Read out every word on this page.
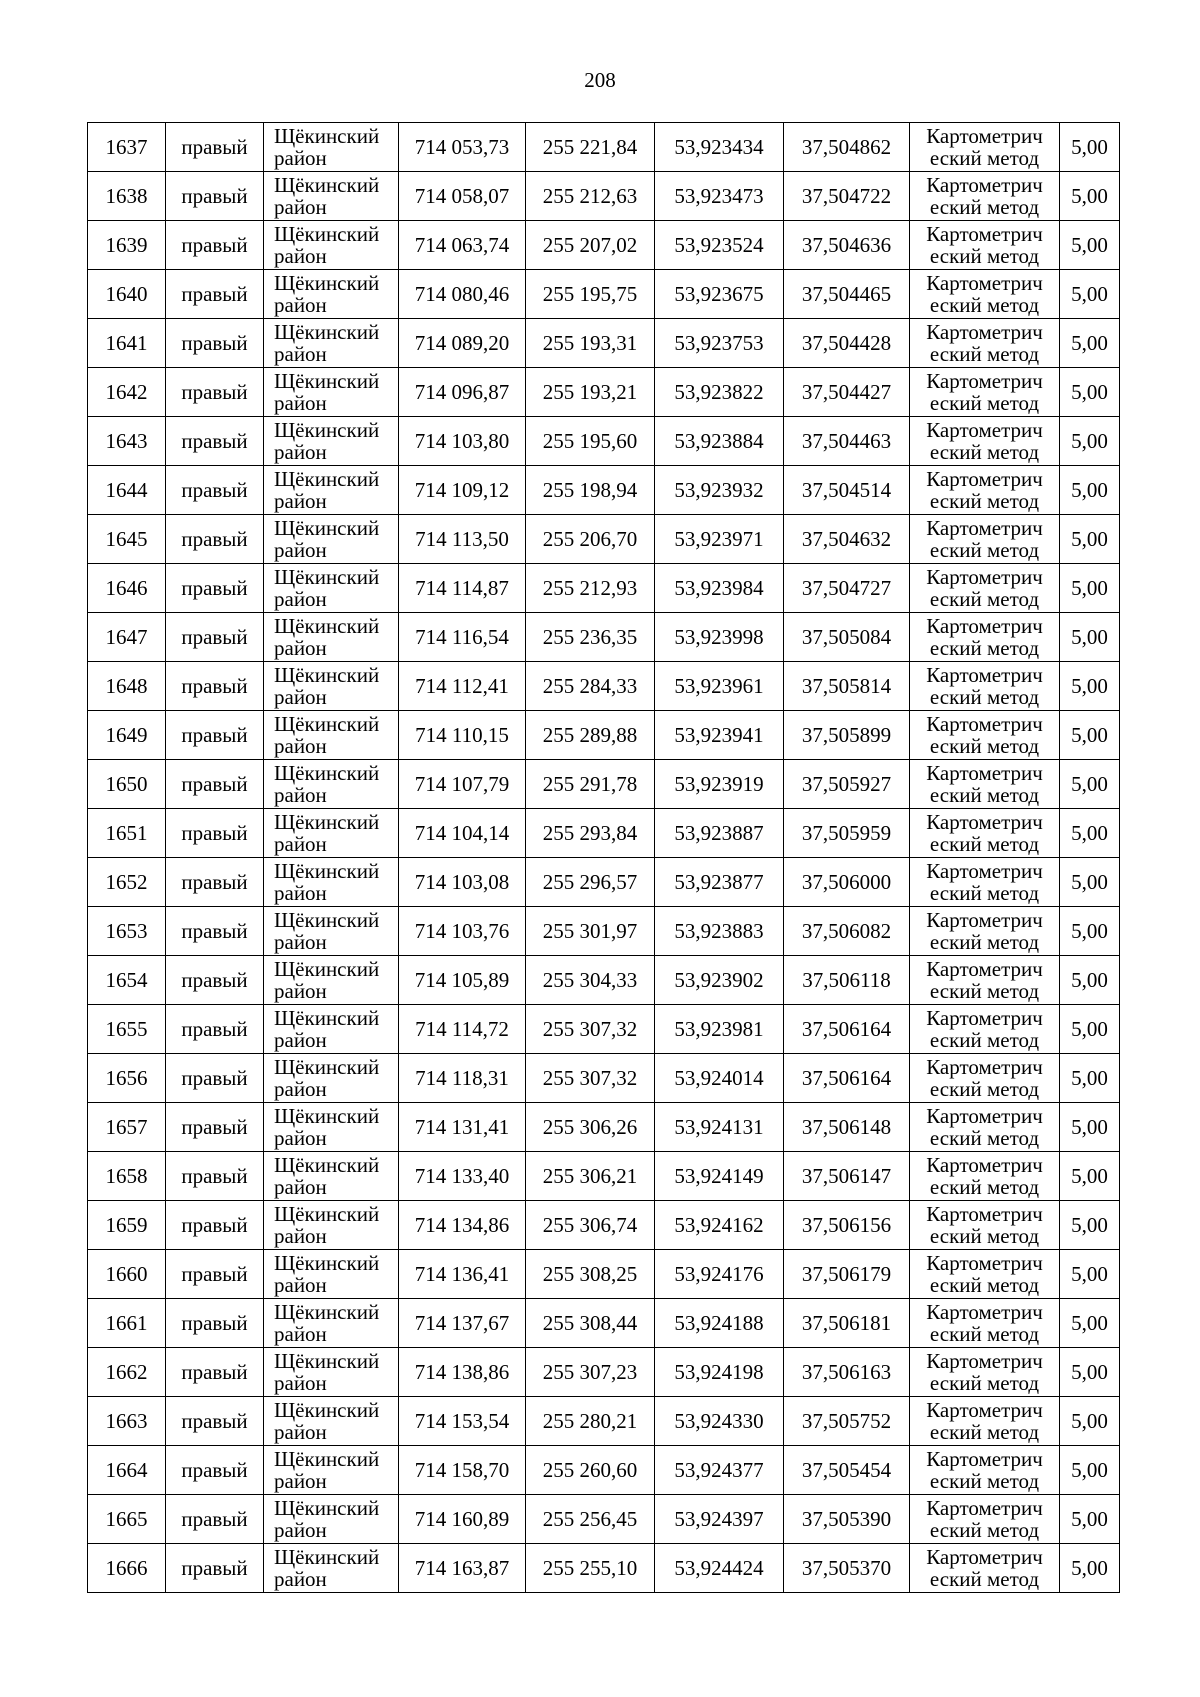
208
1637	правый	Щёкинский район	714 053,73	255 221,84	53,923434	37,504862	Картометрич еский метод	5,00
1638	правый	Щёкинский район	714 058,07	255 212,63	53,923473	37,504722	Картометрич еский метод	5,00
1639	правый	Щёкинский район	714 063,74	255 207,02	53,923524	37,504636	Картометрич еский метод	5,00
1640	правый	Щёкинский район	714 080,46	255 195,75	53,923675	37,504465	Картометрич еский метод	5,00
1641	правый	Щёкинский район	714 089,20	255 193,31	53,923753	37,504428	Картометрич еский метод	5,00
1642	правый	Щёкинский район	714 096,87	255 193,21	53,923822	37,504427	Картометрич еский метод	5,00
1643	правый	Щёкинский район	714 103,80	255 195,60	53,923884	37,504463	Картометрич еский метод	5,00
1644	правый	Щёкинский район	714 109,12	255 198,94	53,923932	37,504514	Картометрич еский метод	5,00
1645	правый	Щёкинский район	714 113,50	255 206,70	53,923971	37,504632	Картометрич еский метод	5,00
1646	правый	Щёкинский район	714 114,87	255 212,93	53,923984	37,504727	Картометрич еский метод	5,00
1647	правый	Щёкинский район	714 116,54	255 236,35	53,923998	37,505084	Картометрич еский метод	5,00
1648	правый	Щёкинский район	714 112,41	255 284,33	53,923961	37,505814	Картометрич еский метод	5,00
1649	правый	Щёкинский район	714 110,15	255 289,88	53,923941	37,505899	Картометрич еский метод	5,00
1650	правый	Щёкинский район	714 107,79	255 291,78	53,923919	37,505927	Картометрич еский метод	5,00
1651	правый	Щёкинский район	714 104,14	255 293,84	53,923887	37,505959	Картометрич еский метод	5,00
1652	правый	Щёкинский район	714 103,08	255 296,57	53,923877	37,506000	Картометрич еский метод	5,00
1653	правый	Щёкинский район	714 103,76	255 301,97	53,923883	37,506082	Картометрич еский метод	5,00
1654	правый	Щёкинский район	714 105,89	255 304,33	53,923902	37,506118	Картометрич еский метод	5,00
1655	правый	Щёкинский район	714 114,72	255 307,32	53,923981	37,506164	Картометрич еский метод	5,00
1656	правый	Щёкинский район	714 118,31	255 307,32	53,924014	37,506164	Картометрич еский метод	5,00
1657	правый	Щёкинский район	714 131,41	255 306,26	53,924131	37,506148	Картометрич еский метод	5,00
1658	правый	Щёкинский район	714 133,40	255 306,21	53,924149	37,506147	Картометрич еский метод	5,00
1659	правый	Щёкинский район	714 134,86	255 306,74	53,924162	37,506156	Картометрич еский метод	5,00
1660	правый	Щёкинский район	714 136,41	255 308,25	53,924176	37,506179	Картометрич еский метод	5,00
1661	правый	Щёкинский район	714 137,67	255 308,44	53,924188	37,506181	Картометрич еский метод	5,00
1662	правый	Щёкинский район	714 138,86	255 307,23	53,924198	37,506163	Картометрич еский метод	5,00
1663	правый	Щёкинский район	714 153,54	255 280,21	53,924330	37,505752	Картометрич еский метод	5,00
1664	правый	Щёкинский район	714 158,70	255 260,60	53,924377	37,505454	Картометрич еский метод	5,00
1665	правый	Щёкинский район	714 160,89	255 256,45	53,924397	37,505390	Картометрич еский метод	5,00
1666	правый	Щёкинский район	714 163,87	255 255,10	53,924424	37,505370	Картометрич еский метод	5,00
